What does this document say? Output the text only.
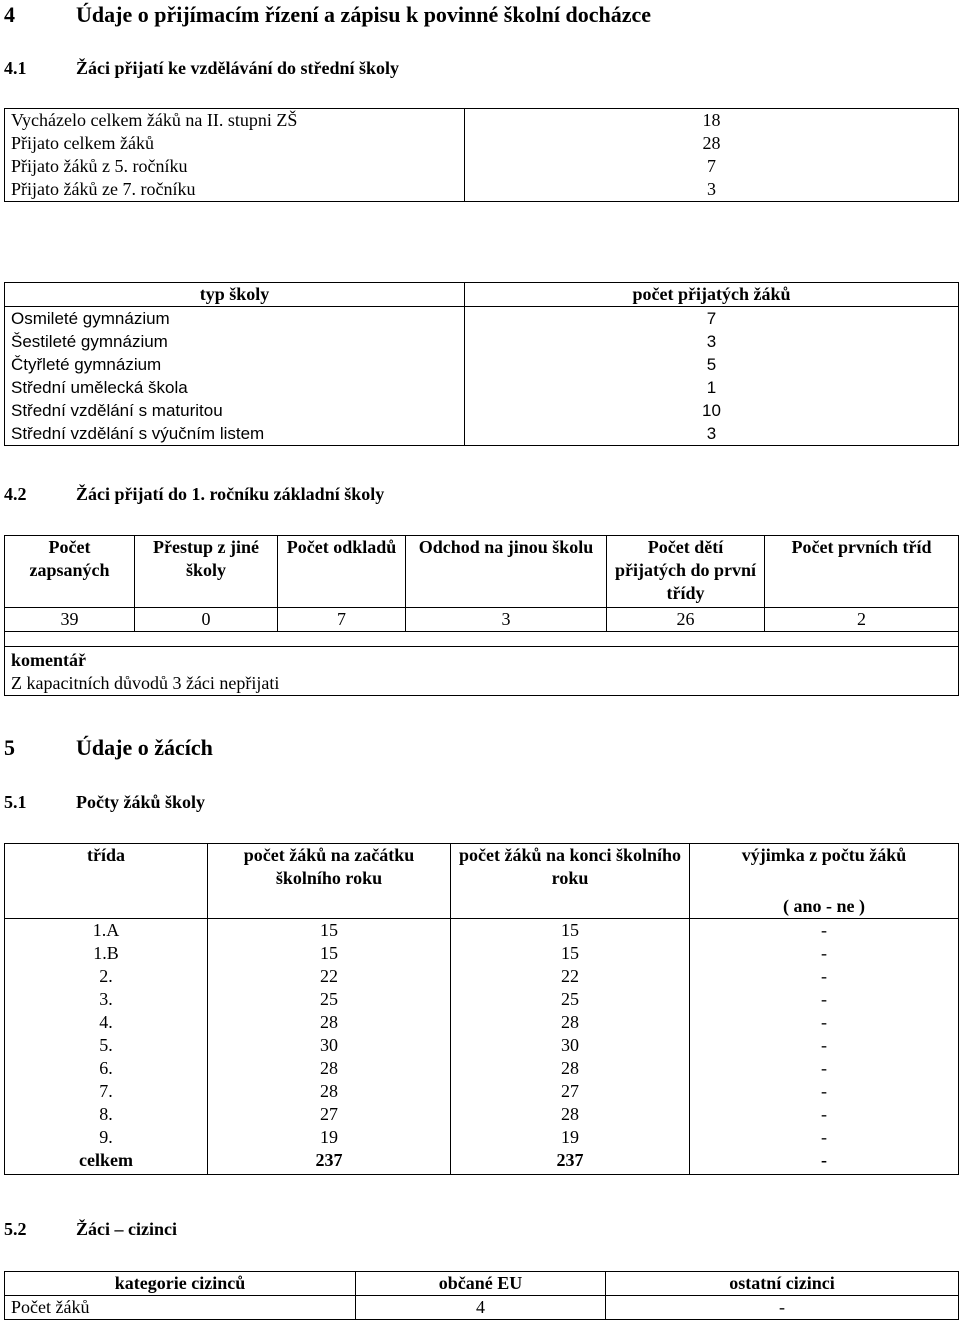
4	Údaje o přijímacím řízení a zápisu k povinné školní docházce
4.1	Žáci přijatí ke vzdělávání do střední školy
Vycházelo celkem žáků na II. stupni ZŠ	18
Přijato celkem žáků	28
Přijato žáků z 5. ročníku	7
Přijato žáků ze 7. ročníku	3
typ školy	počet přijatých žáků
Osmileté gymnázium	7
Šestileté gymnázium	3
Čtyřleté gymnázium	5
Střední umělecká škola	1
Střední vzdělání s maturitou	10
Střední vzdělání s výučním listem	3
4.2	Žáci přijatí do 1. ročníku základní školy
Počet zapsaných	Přestup z jiné školy	Počet odkladů	Odchod na jinou školu	Počet dětí přijatých do první třídy	Počet prvních tříd
39	0	7	3	26	2

komentář
Z kapacitních důvodů 3 žáci nepřijati					
5	Údaje o žácích
5.1	Počty žáků školy
třída	počet žáků na začátku školního roku	počet žáků na konci školního roku	výjimka z počtu žáků
( ano - ne )

1.A	15	15	-
1.B	15	15	-
2.	22	22	-
3.	25	25	-
4.	28	28	-
5.	30	30	-
6.	28	28	-
7.	28	27	-
8.	27	28	-
9.	19	19	-
celkem	237	237	-
5.2	Žáci – cizinci
kategorie cizinců	občané EU	ostatní cizinci
Počet žáků	4	-
